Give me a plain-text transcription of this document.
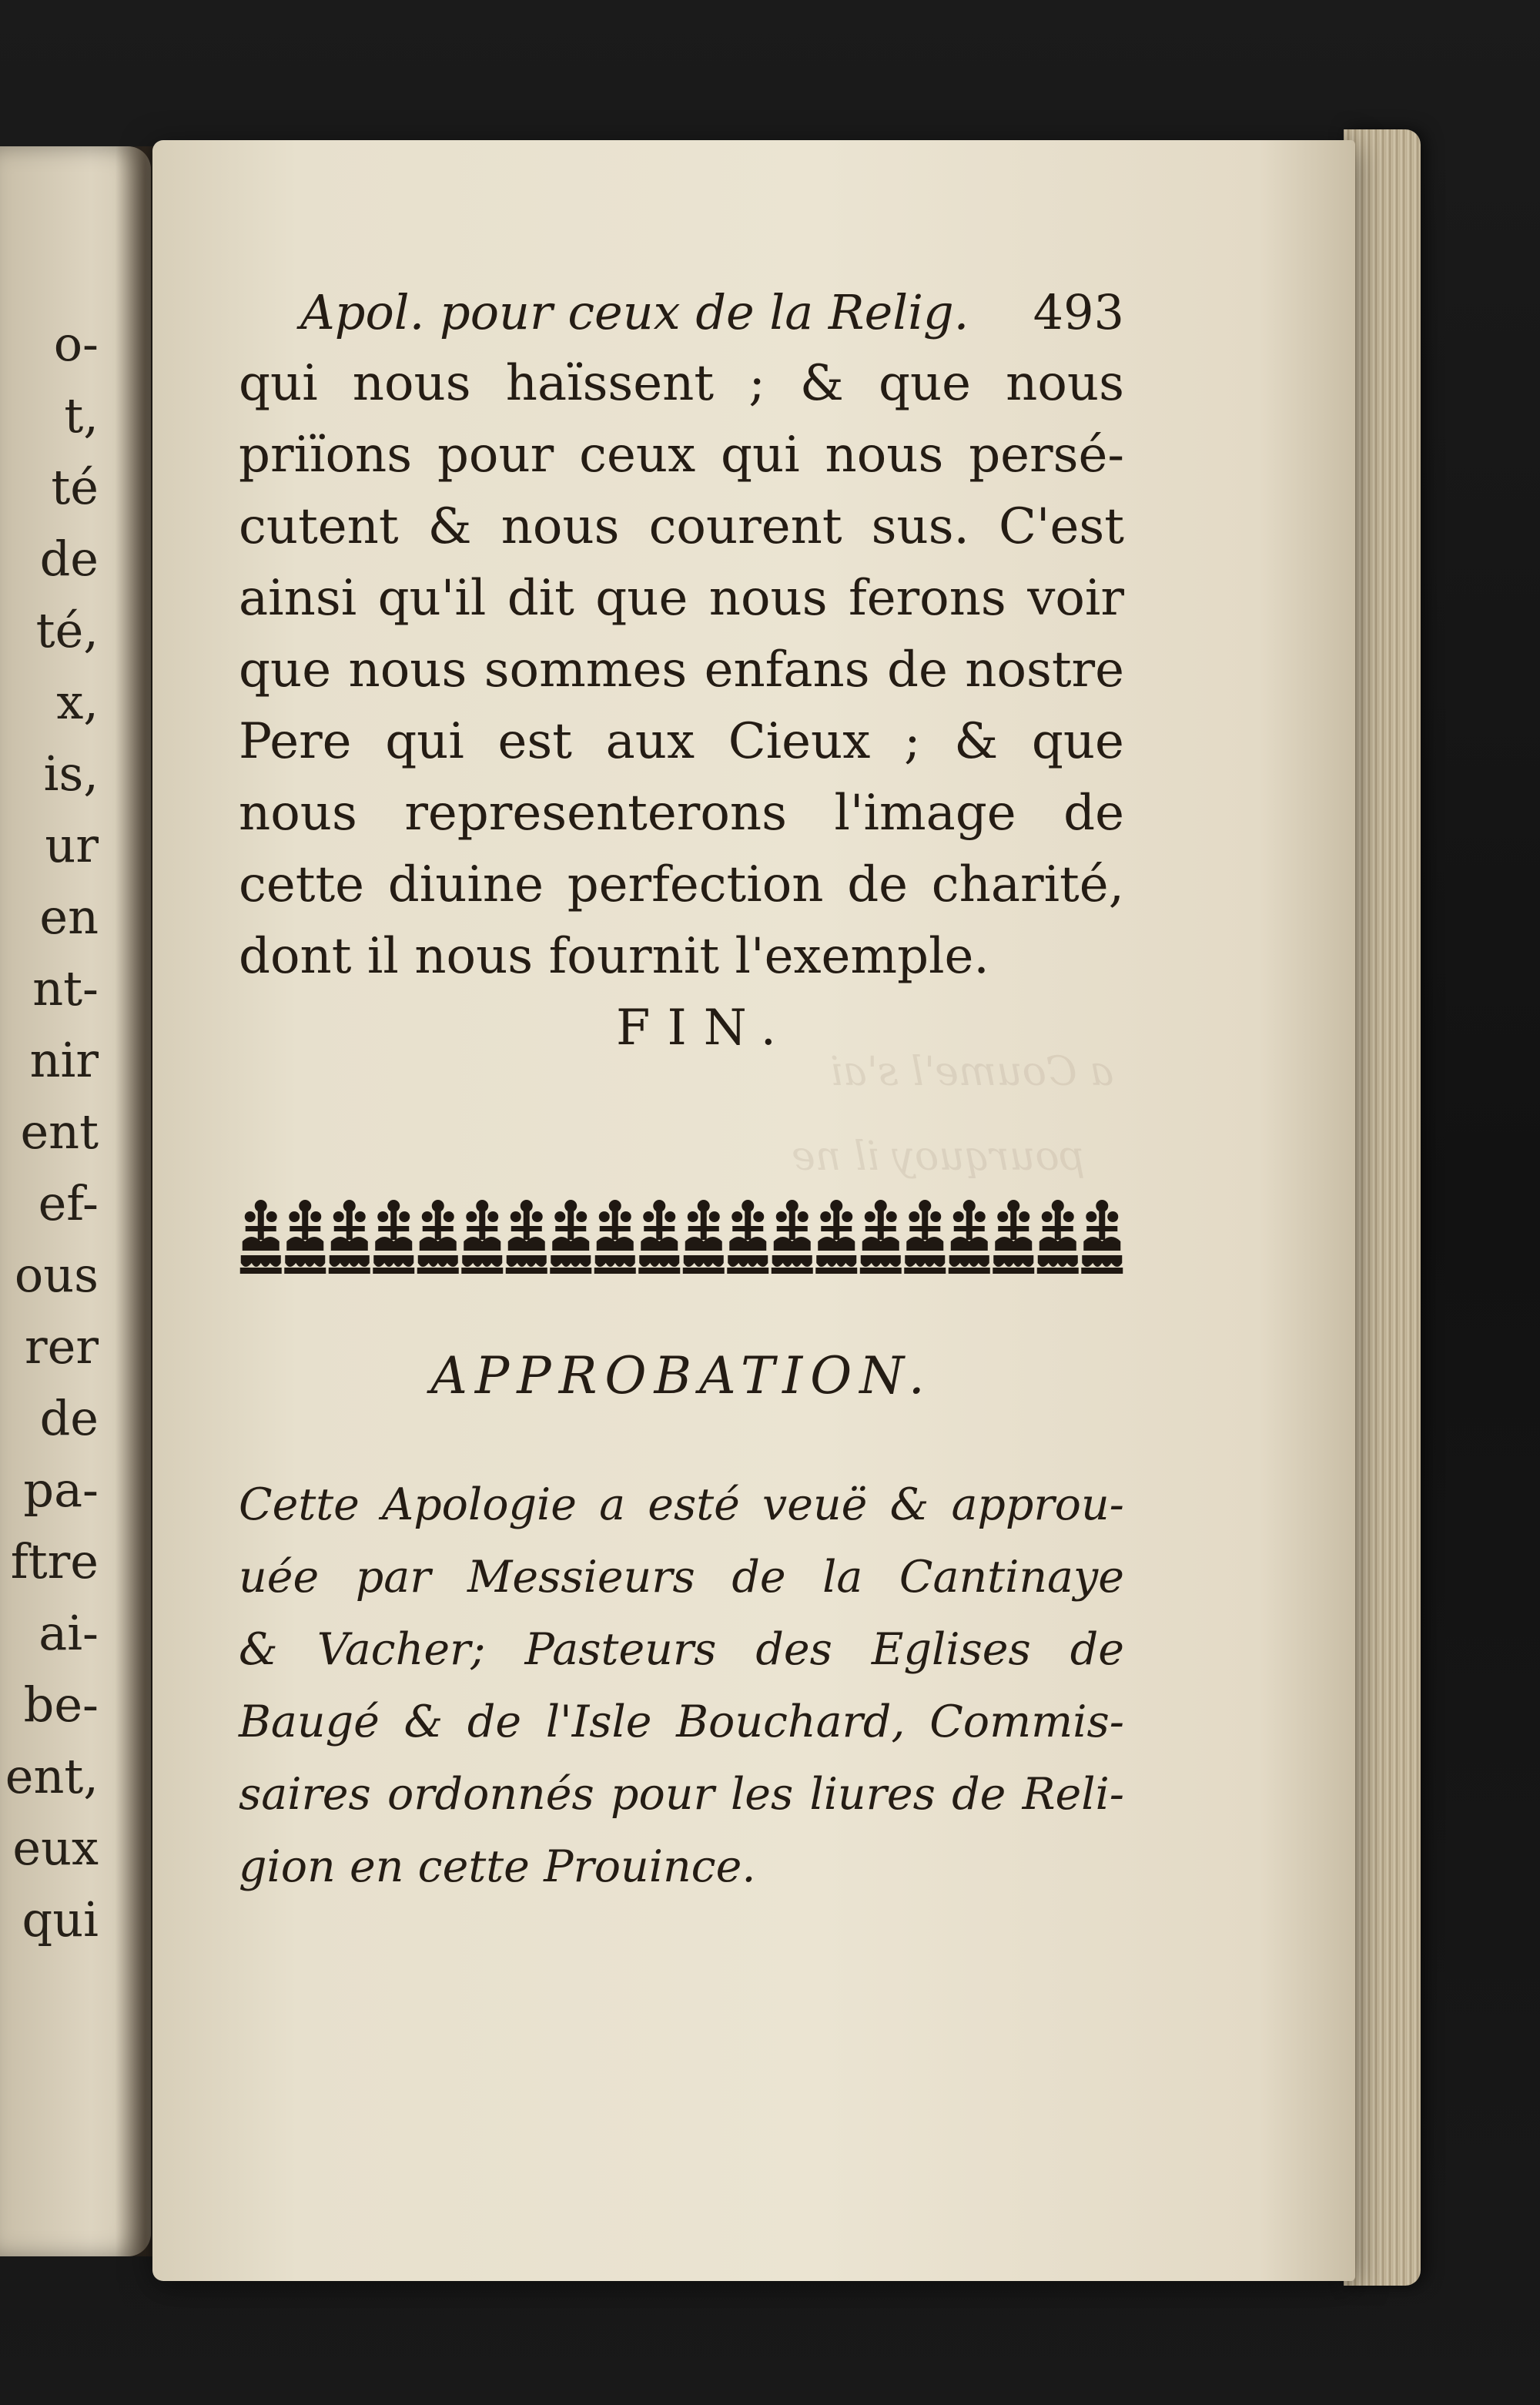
o-
t,
té
de
té,
x,
is,
ur
en
nt-
nir
ent
ef-
ous
rer
de
pa-
ftre
ai-
be-
ent,
eux
qui
a Coume'l s'ai
pourquoy il ne
Apol. pour ceux de la Relig. 493
qui nous haïssent ; & que nous
priïons pour ceux qui nous persé-
cutent & nous courent sus. C'est
ainsi qu'il dit que nous ferons voir
que nous sommes enfans de nostre
Pere qui est aux Cieux ; & que
nous representerons l'image de
cette diuine perfection de charité,
dont il nous fournit l'exemple.
FIN.
APPROBATION.
Cette Apologie a esté veuë & approu-
uée par Messieurs de la Cantinaye
& Vacher; Pasteurs des Eglises de
Baugé & de l'Isle Bouchard, Commis-
saires ordonnés pour les liures de Reli-
gion en cette Prouince.
